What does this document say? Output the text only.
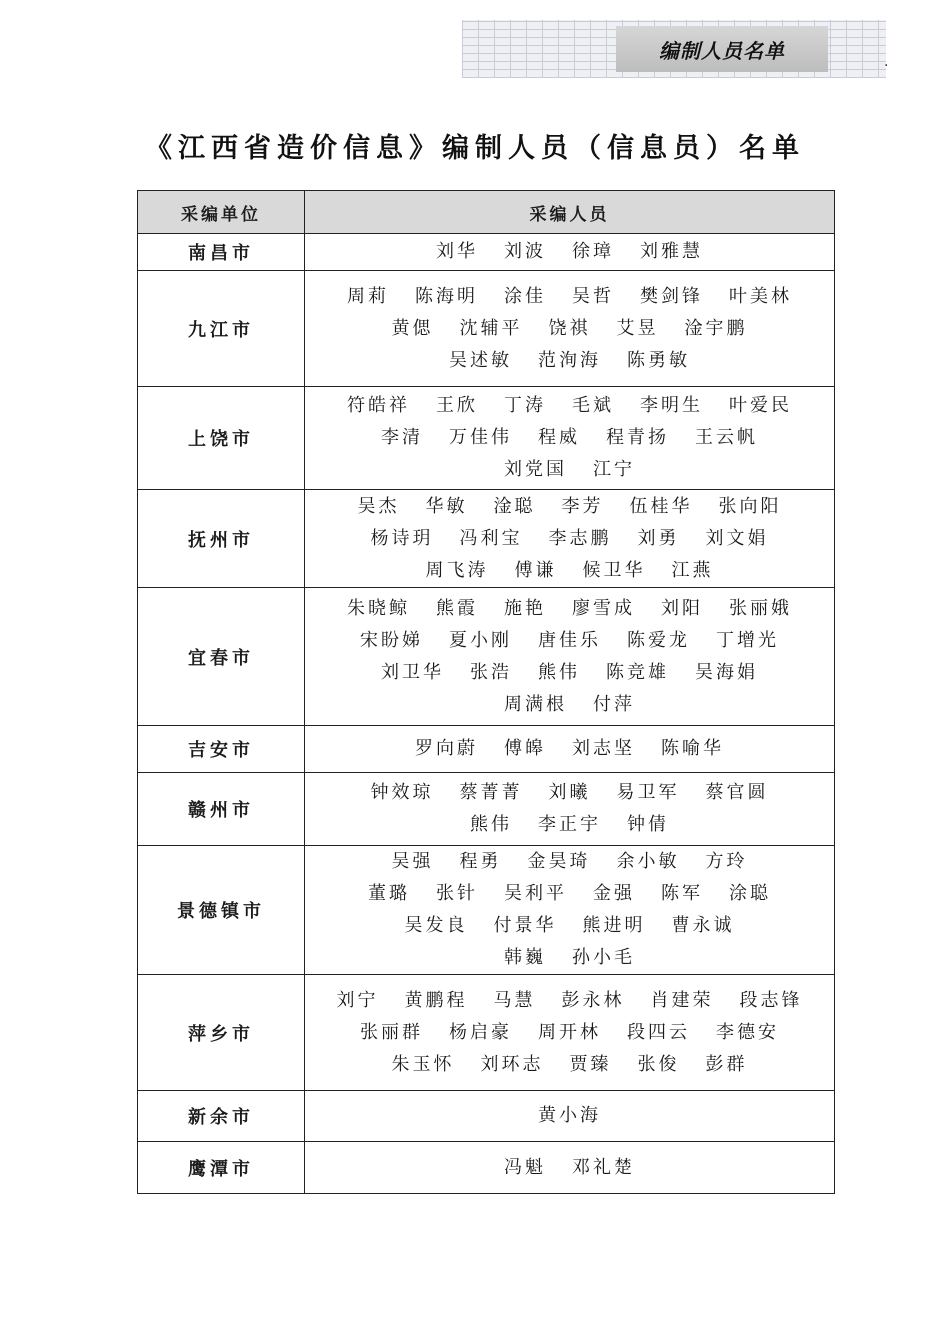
编制人员名单	.
《江西省造价信息》编制人员（信息员）名单
采编单位	采编人员
南昌市	刘华 刘波 徐璋 刘雅慧

九江市	周莉 陈海明 涂佳 吴哲 樊剑锋 叶美林
黄偲 沈辅平 饶祺 艾昱 淦宇鹏
吴述敏 范洵海 陈勇敏

上饶市	符皓祥 王欣 丁涛 毛斌 李明生 叶爱民
李清 万佳伟 程威 程青扬 王云帆
刘党国 江宁

抚州市	吴杰 华敏 淦聪 李芳 伍桂华 张向阳
杨诗玥 冯利宝 李志鹏 刘勇 刘文娟
周飞涛 傅谦 候卫华 江燕

宜春市	朱晓鲸 熊霞 施艳 廖雪成 刘阳 张丽娥
宋盼娣 夏小刚 唐佳乐 陈爱龙 丁增光
刘卫华 张浩 熊伟 陈竞雄 吴海娟
周满根 付萍

吉安市	罗向蔚 傅皞 刘志坚 陈喻华

赣州市	钟效琼 蔡菁菁 刘曦 易卫军 蔡官圆
熊伟 李正宇 钟倩

景德镇市	吴强 程勇 金昊琦 余小敏 方玲
董璐 张针 吴利平 金强 陈军 涂聪
吴发良 付景华 熊进明 曹永诚
韩巍 孙小毛

萍乡市	刘宁 黄鹏程 马慧 彭永林 肖建荣 段志锋
张丽群 杨启豪 周开林 段四云 李德安
朱玉怀 刘环志 贾臻 张俊 彭群

新余市	黄小海

鹰潭市	冯魁 邓礼楚
